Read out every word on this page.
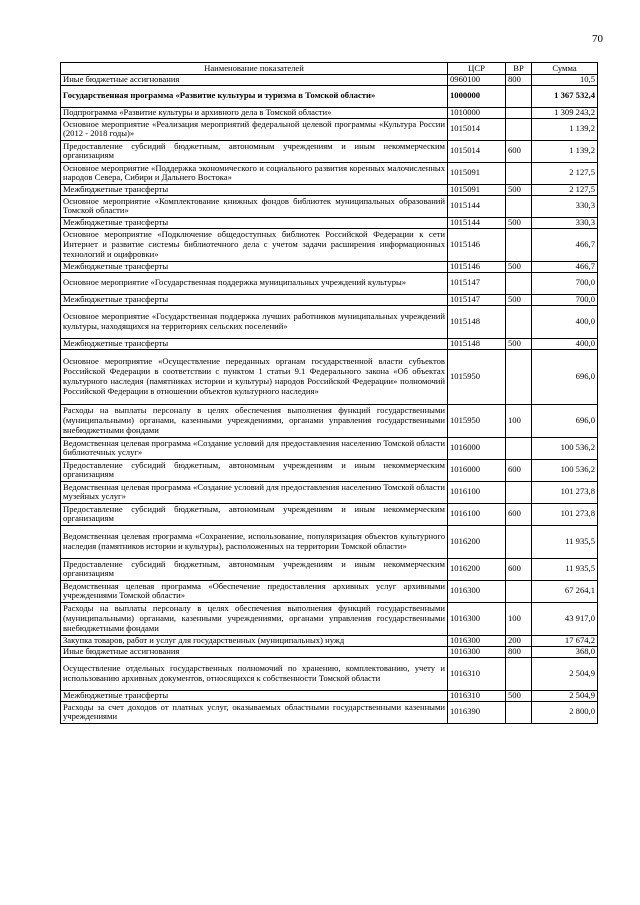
70
Наименование показателей	ЦСР	ВР	Сумма
Иные бюджетные ассигнования	0960100	800	10,5
Государственная программа «Развитие культуры и туризма в Томской области»	1000000		1 367 532,4
Подпрограмма «Развитие культуры и архивного дела в Томской области»	1010000		1 309 243,2
Основное мероприятие «Реализация мероприятий федеральной целевой программы «Культура России (2012 - 2018 годы)»	1015014		1 139,2
Предоставление субсидий бюджетным, автономным учреждениям и иным некоммерческим организациям	1015014	600	1 139,2
Основное мероприятие «Поддержка экономического и социального развития коренных малочисленных народов Севера, Сибири и Дальнего Востока»	1015091		2 127,5
Межбюджетные трансферты	1015091	500	2 127,5
Основное мероприятие «Комплектование книжных фондов библиотек муниципальных образований Томской области»	1015144		330,3
Межбюджетные трансферты	1015144	500	330,3
Основное мероприятие «Подключение общедоступных библиотек Российской Федерации к сети Интернет и развитие системы библиотечного дела с учетом задачи расширения информационных технологий и оцифровки»	1015146		466,7
Межбюджетные трансферты	1015146	500	466,7
Основное мероприятие «Государственная поддержка муниципальных учреждений культуры»	1015147		700,0
Межбюджетные трансферты	1015147	500	700,0
Основное мероприятие «Государственная поддержка лучших работников муниципальных учреждений культуры, находящихся на территориях сельских поселений»	1015148		400,0
Межбюджетные трансферты	1015148	500	400,0
Основное мероприятие «Осуществление переданных органам государственной власти субъектов Российской Федерации в соответствии с пунктом 1 статьи 9.1 Федерального закона «Об объектах культурного наследия (памятниках истории и культуры) народов Российской Федерации» полномочий Российской Федерации в отношении объектов культурного наследия»	1015950		696,0
Расходы на выплаты персоналу в целях обеспечения выполнения функций государственными (муниципальными) органами, казенными учреждениями, органами управления государственными внебюджетными фондами	1015950	100	696,0
Ведомственная целевая программа «Создание условий для предоставления населению Томской области библиотечных услуг»	1016000		100 536,2
Предоставление субсидий бюджетным, автономным учреждениям и иным некоммерческим организациям	1016000	600	100 536,2
Ведомственная целевая программа «Создание условий для предоставления населению Томской области музейных услуг»	1016100		101 273,8
Предоставление субсидий бюджетным, автономным учреждениям и иным некоммерческим организациям	1016100	600	101 273,8
Ведомственная целевая программа «Сохранение, использование, популяризация объектов культурного наследия (памятников истории и культуры), расположенных на территории Томской области»	1016200		11 935,5
Предоставление субсидий бюджетным, автономным учреждениям и иным некоммерческим организациям	1016200	600	11 935,5
Ведомственная целевая программа «Обеспечение предоставления архивных услуг архивными учреждениями Томской области»	1016300		67 264,1
Расходы на выплаты персоналу в целях обеспечения выполнения функций государственными (муниципальными) органами, казенными учреждениями, органами управления государственными внебюджетными фондами	1016300	100	43 917,0
Закупка товаров, работ и услуг для государственных (муниципальных) нужд	1016300	200	17 674,2
Иные бюджетные ассигнования	1016300	800	368,0
Осуществление отдельных государственных полномочий по хранению, комплектованию, учету и использованию архивных документов, относящихся к собственности Томской области	1016310		2 504,9
Межбюджетные трансферты	1016310	500	2 504,9
Расходы за счет доходов от платных услуг, оказываемых областными государственными казенными учреждениями	1016390		2 800,0
